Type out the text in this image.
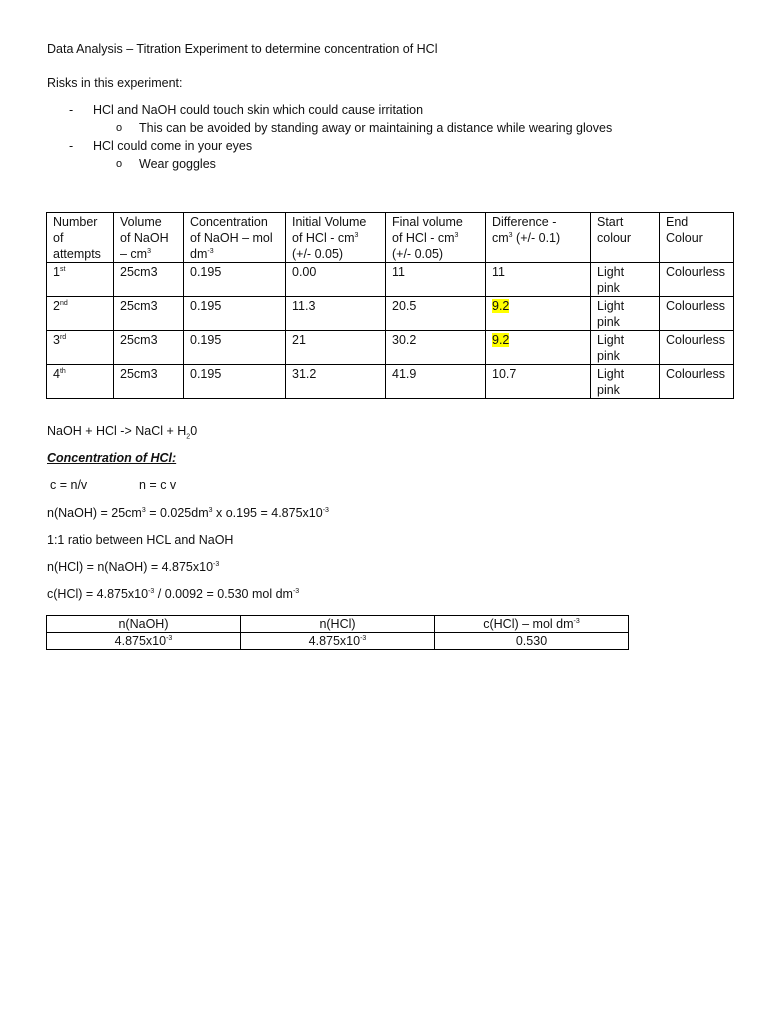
Data Analysis – Titration Experiment to determine concentration of HCl
Risks in this experiment:
- HCl and NaOH could touch skin which could cause irritation
o This can be avoided by standing away or maintaining a distance while wearing gloves
- HCl could come in your eyes
o Wear goggles
Number
of
attempts	Volume
of NaOH
– $cm^3$	Concentration
of NaOH – mol
$dm^{-3}$	Initial Volume
of HCl - $cm^3$
(+/- 0.05)	Final volume
of HCl - $cm^3$
(+/- 0.05)	Difference -
$cm^3$ (+/- 0.1)	Start
colour	End
Colour
1st	25cm3	0.195	0.00	11	11	Light
pink	Colourless
2nd	25cm3	0.195	11.3	20.5	9.2	Light
pink	Colourless
3rd	25cm3	0.195	21	30.2	9.2	Light
pink	Colourless
4th	25cm3	0.195	31.2	41.9	10.7	Light
pink	Colourless
NaOH + HCl -> NaCl + $H_20$
Concentration of HCl:
c = n/v	n = c v
n(NaOH) = $25cm^3 = 0.025dm^3$ x $o.195 = 4.875x10^{-3}$
1:1 ratio between HCL and NaOH
n(HCl) = n(NaOH) = $4.875x10^{-3}$
$c(HCl) = 4.875x10^{-3} / 0.0092 = 0.530$ mol $dm^{-3}$
n(NaOH)	n(HCl)	c(HCl) – mol $dm^{-3}$
$4.875x10^{-3}$	$4.875x10^{-3}$	0.530
